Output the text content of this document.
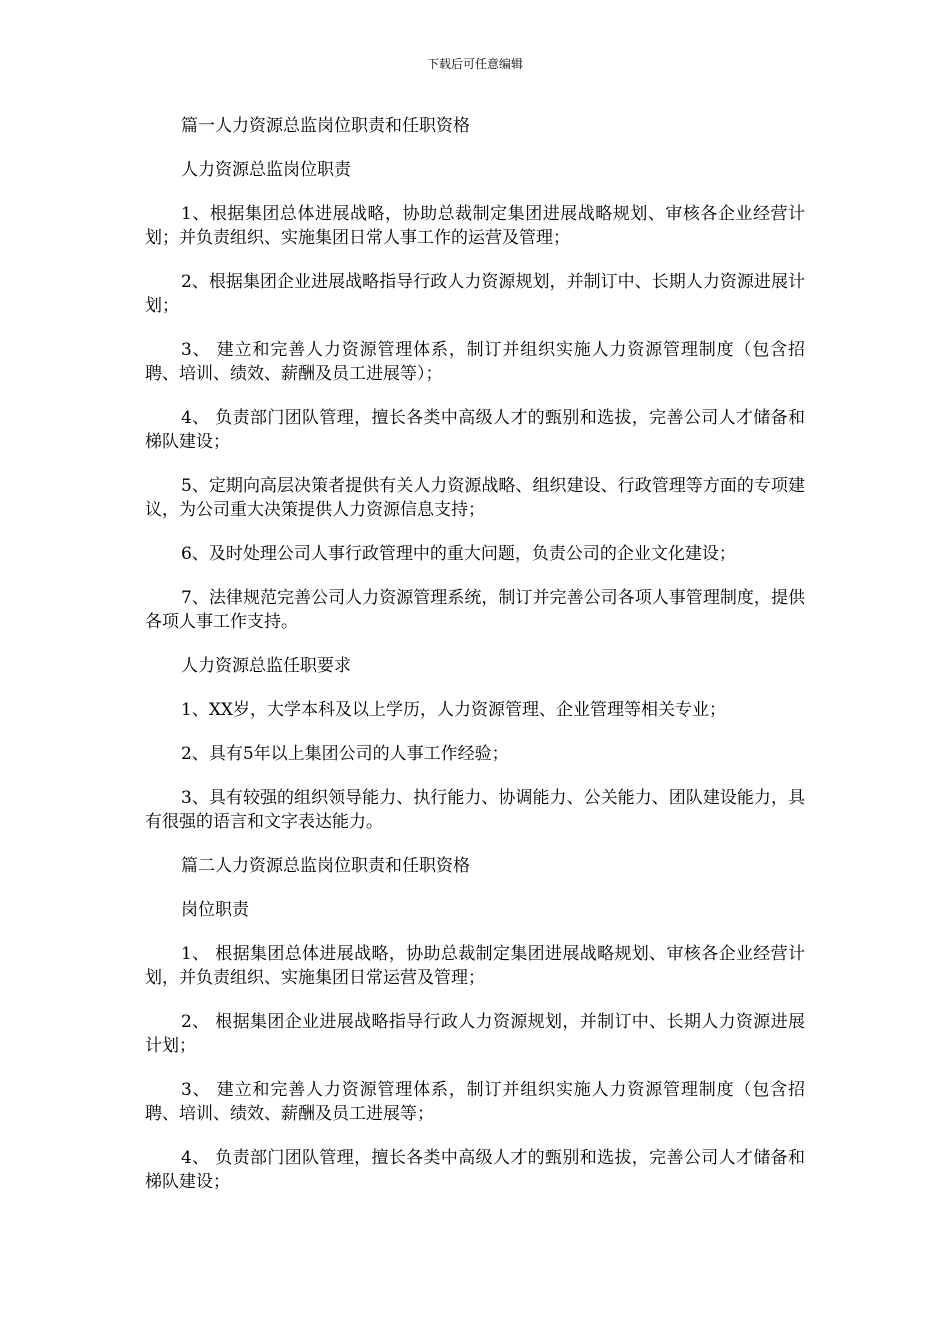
下载后可任意编辑

篇一人力资源总监岗位职责和任职资格

人力资源总监岗位职责

1、根据集团总体进展战略，协助总裁制定集团进展战略规划、审核各企业经营计划；并负责组织、实施集团日常人事工作的运营及管理；

2、根据集团企业进展战略指导行政人力资源规划，并制订中、长期人力资源进展计划；

3、 建立和完善人力资源管理体系，制订并组织实施人力资源管理制度（包含招聘、培训、绩效、薪酬及员工进展等）；

4、 负责部门团队管理，擅长各类中高级人才的甄别和选拔，完善公司人才储备和梯队建设；

5、定期向高层决策者提供有关人力资源战略、组织建设、行政管理等方面的专项建议，为公司重大决策提供人力资源信息支持；

6、及时处理公司人事行政管理中的重大问题，负责公司的企业文化建设；

7、法律规范完善公司人力资源管理系统，制订并完善公司各项人事管理制度，提供各项人事工作支持。

人力资源总监任职要求

1、XX岁，大学本科及以上学历，人力资源管理、企业管理等相关专业；

2、具有5年以上集团公司的人事工作经验；

3、具有较强的组织领导能力、执行能力、协调能力、公关能力、团队建设能力，具有很强的语言和文字表达能力。

篇二人力资源总监岗位职责和任职资格

岗位职责

1、 根据集团总体进展战略，协助总裁制定集团进展战略规划、审核各企业经营计划，并负责组织、实施集团日常运营及管理；

2、 根据集团企业进展战略指导行政人力资源规划，并制订中、长期人力资源进展计划；

3、 建立和完善人力资源管理体系，制订并组织实施人力资源管理制度（包含招聘、培训、绩效、薪酬及员工进展等；

4、 负责部门团队管理，擅长各类中高级人才的甄别和选拔，完善公司人才储备和梯队建设；
